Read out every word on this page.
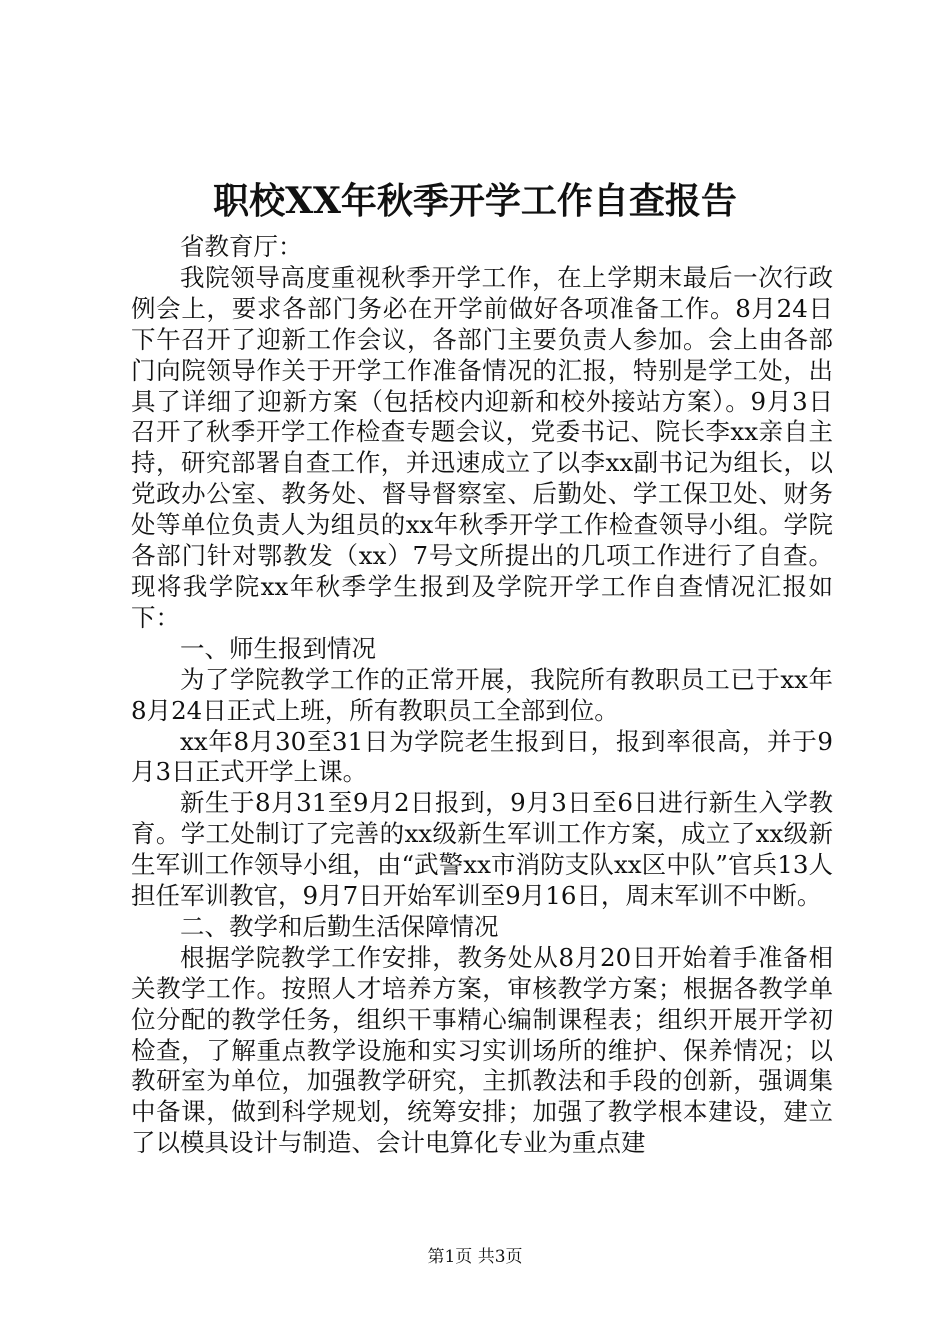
职校XX年秋季开学工作自查报告

省教育厅：

我院领导高度重视秋季开学工作，在上学期末最后一次行政例会上，要求各部门务必在开学前做好各项准备工作。8月24日下午召开了迎新工作会议，各部门主要负责人参加。会上由各部门向院领导作关于开学工作准备情况的汇报，特别是学工处，出具了详细了迎新方案（包括校内迎新和校外接站方案）。9月3日召开了秋季开学工作检查专题会议，党委书记、院长李xx亲自主持，研究部署自查工作，并迅速成立了以李xx副书记为组长，以党政办公室、教务处、督导督察室、后勤处、学工保卫处、财务处等单位负责人为组员的xx年秋季开学工作检查领导小组。学院各部门针对鄂教发（xx）7号文所提出的几项工作进行了自查。现将我学院xx年秋季学生报到及学院开学工作自查情况汇报如下：

一、师生报到情况

为了学院教学工作的正常开展，我院所有教职员工已于xx年8月24日正式上班，所有教职员工全部到位。

xx年8月30至31日为学院老生报到日，报到率很高，并于9月3日正式开学上课。

新生于8月31至9月2日报到，9月3日至6日进行新生入学教育。学工处制订了完善的xx级新生军训工作方案，成立了xx级新生军训工作领导小组，由“武警xx市消防支队xx区中队”官兵13人担任军训教官，9月7日开始军训至9月16日，周末军训不中断。

二、教学和后勤生活保障情况

根据学院教学工作安排，教务处从8月20日开始着手准备相关教学工作。按照人才培养方案，审核教学方案；根据各教学单位分配的教学任务，组织干事精心编制课程表；组织开展开学初检查，了解重点教学设施和实习实训场所的维护、保养情况；以教研室为单位，加强教学研究，主抓教法和手段的创新，强调集中备课，做到科学规划，统筹安排；加强了教学根本建设，建立了以模具设计与制造、会计电算化专业为重点建

第1页 共3页
